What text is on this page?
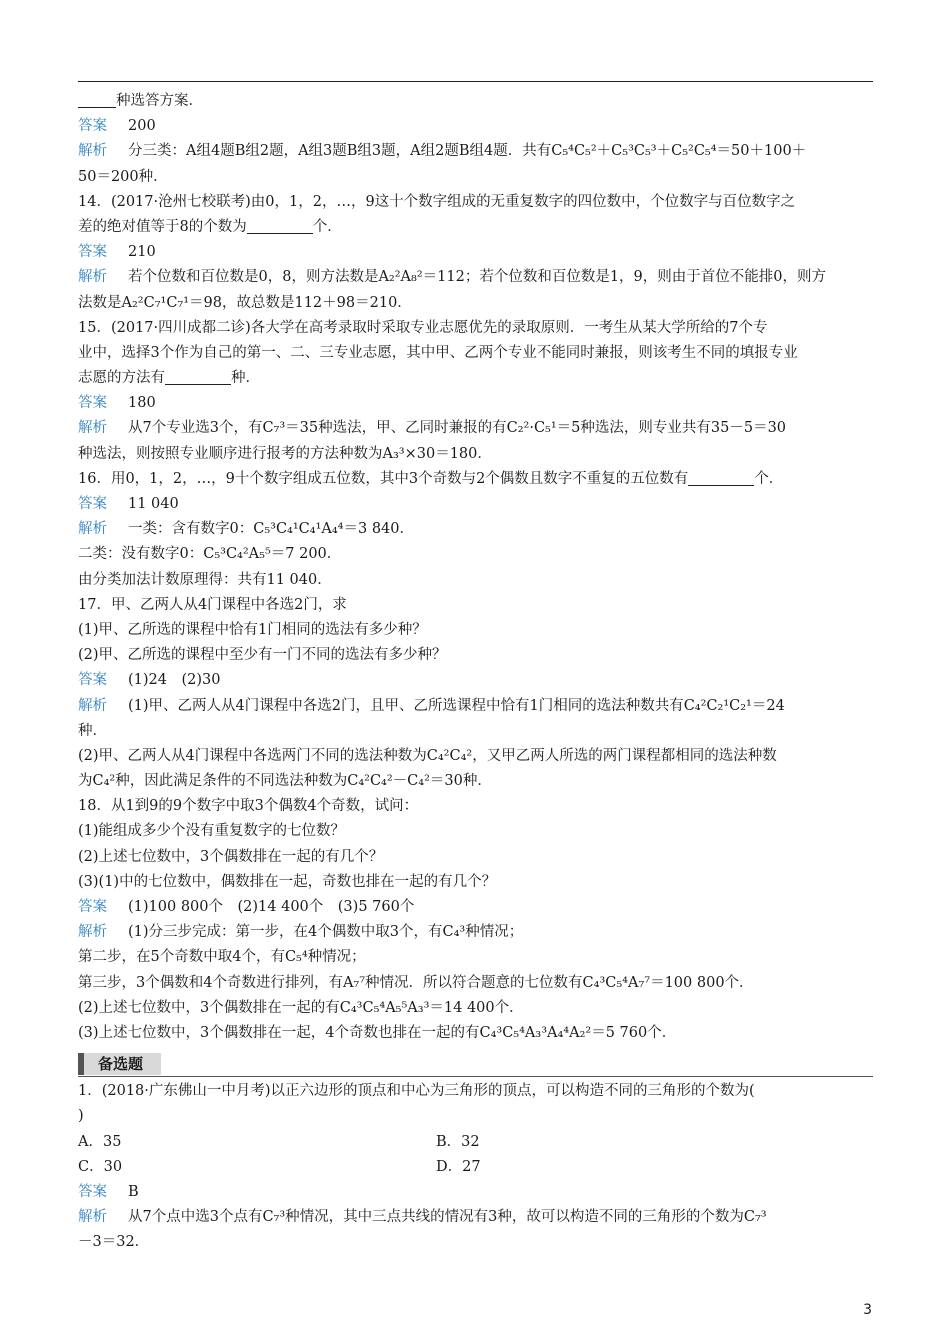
种选答方案．
答案 200
解析 分三类：A组4题B组2题，A组3题B组3题，A组2题B组4题．共有C₅⁴C₅²＋C₅³C₅³＋C₅²C₅⁴＝50＋100＋
50＝200种．
14．(2017·沧州七校联考)由0，1，2，…，9这十个数字组成的无重复数字的四位数中，个位数字与百位数字之
差的绝对值等于8的个数为	个．
答案 210
解析 若个位数和百位数是0，8，则方法数是A₂²A₈²＝112；若个位数和百位数是1，9，则由于首位不能排0，则方
法数是A₂²C₇¹C₇¹＝98，故总数是112＋98＝210．
15．(2017·四川成都二诊)各大学在高考录取时采取专业志愿优先的录取原则．一考生从某大学所给的7个专
业中，选择3个作为自己的第一、二、三专业志愿，其中甲、乙两个专业不能同时兼报，则该考生不同的填报专业
志愿的方法有	种．
答案 180
解析 从7个专业选3个，有C₇³＝35种选法，甲、乙同时兼报的有C₂²·C₅¹＝5种选法，则专业共有35－5＝30
种选法，则按照专业顺序进行报考的方法种数为A₃³×30＝180．
16．用0，1，2，…，9十个数字组成五位数，其中3个奇数与2个偶数且数字不重复的五位数有	个．
答案 11 040
解析 一类：含有数字0：C₅³C₄¹C₄¹A₄⁴＝3 840．
二类：没有数字0：C₅³C₄²A₅⁵＝7 200．
由分类加法计数原理得：共有11 040．
17．甲、乙两人从4门课程中各选2门，求
(1)甲、乙所选的课程中恰有1门相同的选法有多少种？
(2)甲、乙所选的课程中至少有一门不同的选法有多少种？
答案 (1)24　(2)30
解析 (1)甲、乙两人从4门课程中各选2门，且甲、乙所选课程中恰有1门相同的选法种数共有C₄²C₂¹C₂¹＝24
种．
(2)甲、乙两人从4门课程中各选两门不同的选法种数为C₄²C₄²，又甲乙两人所选的两门课程都相同的选法种数
为C₄²种，因此满足条件的不同选法种数为C₄²C₄²－C₄²＝30种．
18．从1到9的9个数字中取3个偶数4个奇数，试问：
(1)能组成多少个没有重复数字的七位数？
(2)上述七位数中，3个偶数排在一起的有几个？
(3)(1)中的七位数中，偶数排在一起，奇数也排在一起的有几个？
答案 (1)100 800个　(2)14 400个　(3)5 760个
解析 (1)分三步完成：第一步，在4个偶数中取3个，有C₄³种情况；
第二步，在5个奇数中取4个，有C₅⁴种情况；
第三步，3个偶数和4个奇数进行排列，有A₇⁷种情况．所以符合题意的七位数有C₄³C₅⁴A₇⁷＝100 800个．
(2)上述七位数中，3个偶数排在一起的有C₄³C₅⁴A₅⁵A₃³＝14 400个．
(3)上述七位数中，3个偶数排在一起，4个奇数也排在一起的有C₄³C₅⁴A₃³A₄⁴A₂²＝5 760个．
备选题
1．(2018·广东佛山一中月考)以正六边形的顶点和中心为三角形的顶点，可以构造不同的三角形的个数为(
)
A．35	B．32
C．30	D．27
答案 B
解析 从7个点中选3个点有C₇³种情况，其中三点共线的情况有3种，故可以构造不同的三角形的个数为C₇³
－3＝32．
3
